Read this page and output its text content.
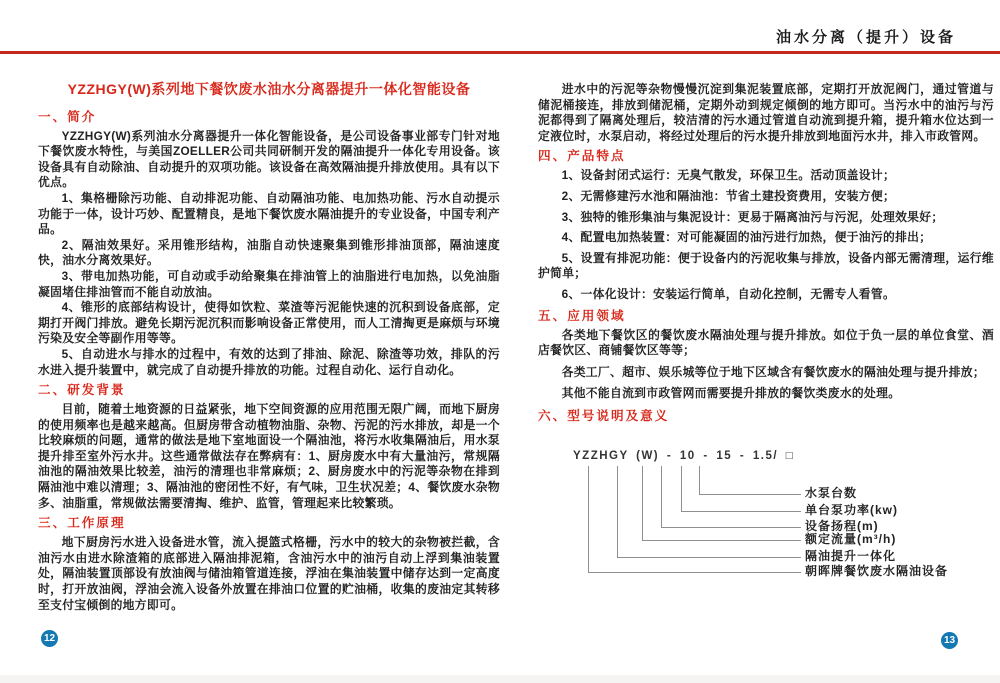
油水分离（提升）设备
YZZHGY(W)系列地下餐饮废水油水分离器提升一体化智能设备
一、简介
YZZHGY(W)系列油水分离器提升一体化智能设备，是公司设备事业部专门针对地下餐饮废水特性，与美国ZOELLER公司共同研制开发的隔油提升一体化专用设备。该设备具有自动除油、自动提升的双项功能。该设备在高效隔油提升排放使用。具有以下优点。
1、集格栅除污功能、自动排泥功能、自动隔油功能、电加热功能、污水自动提示功能于一体，设计巧妙、配置精良，是地下餐饮废水隔油提升的专业设备，中国专利产品。
2、隔油效果好。采用锥形结构，油脂自动快速聚集到锥形排油顶部，隔油速度快，油水分离效果好。
3、带电加热功能，可自动或手动给聚集在排油管上的油脂进行电加热，以免油脂凝固堵住排油管而不能自动放油。
4、锥形的底部结构设计，使得如饮粒、菜渣等污泥能快速的沉积到设备底部，定期打开阀门排放。避免长期污泥沉积而影响设备正常使用，而人工清掏更是麻烦与环境污染及安全等副作用等等。
5、自动进水与排水的过程中，有效的达到了排油、除泥、除渣等功效，排队的污水进入提升装置中，就完成了自动提升排放的功能。过程自动化、运行自动化。
二、研发背景
目前，随着土地资源的日益紧张，地下空间资源的应用范围无限广阔，而地下厨房的使用频率也是越来越高。但厨房带含动植物油脂、杂物、污泥的污水排放，却是一个比较麻烦的问题，通常的做法是地下室地面设一个隔油池，将污水收集隔油后，用水泵提升排至室外污水井。这些通常做法存在弊病有：1、厨房废水中有大量油污，常规隔油池的隔油效果比较差，油污的清理也非常麻烦；2、厨房废水中的污泥等杂物在排到隔油池中难以清理；3、隔油池的密闭性不好，有气味，卫生状况差；4、餐饮废水杂物多、油脂重，常规做法需要清掏、维护、监管，管理起来比较繁琐。
三、工作原理
地下厨房污水进入设备进水管，流入提篮式格栅，污水中的较大的杂物被拦截，含油污水由进水除渣箱的底部进入隔油排泥箱，含油污水中的油污自动上浮到集油装置处，隔油装置顶部设有放油阀与储油箱管道连接，浮油在集油装置中储存达到一定高度时，打开放油阀，浮油会流入设备外放置在排油口位置的贮油桶，收集的废油定其转移至支付宝倾倒的地方即可。
进水中的污泥等杂物慢慢沉淀到集泥装置底部，定期打开放泥阀门，通过管道与储泥桶接连，排放到储泥桶，定期外动到规定倾倒的地方即可。当污水中的油污与污泥都得到了隔离处理后，较洁清的污水通过管道自动流到提升箱，提升箱水位达到一定液位时，水泵启动，将经过处理后的污水提升排放到地面污水井，排入市政管网。
四、产品特点
1、设备封闭式运行：无臭气散发，环保卫生。活动顶盖设计；
2、无需修建污水池和隔油池：节省土建投资费用，安装方便；
3、独特的锥形集油与集泥设计：更易于隔离油污与污泥，处理效果好；
4、配置电加热装置：对可能凝固的油污进行加热，便于油污的排出；
5、设置有排泥功能：便于设备内的污泥收集与排放，设备内部无需清理，运行维护简单；
6、一体化设计：安装运行简单，自动化控制，无需专人看管。
五、应用领域
各类地下餐饮区的餐饮废水隔油处理与提升排放。如位于负一层的单位食堂、酒店餐饮区、商铺餐饮区等等；
各类工厂、超市、娱乐城等位于地下区域含有餐饮废水的隔油处理与提升排放；
其他不能自流到市政管网而需要提升排放的餐饮类废水的处理。
六、型号说明及意义
YZZHGY (W) - 10 - 15 - 1.5/ □
水泵台数
单台泵功率(kw)
设备扬程(m)
额定流量(m³/h)
隔油提升一体化
朝晖牌餐饮废水隔油设备
12	13
